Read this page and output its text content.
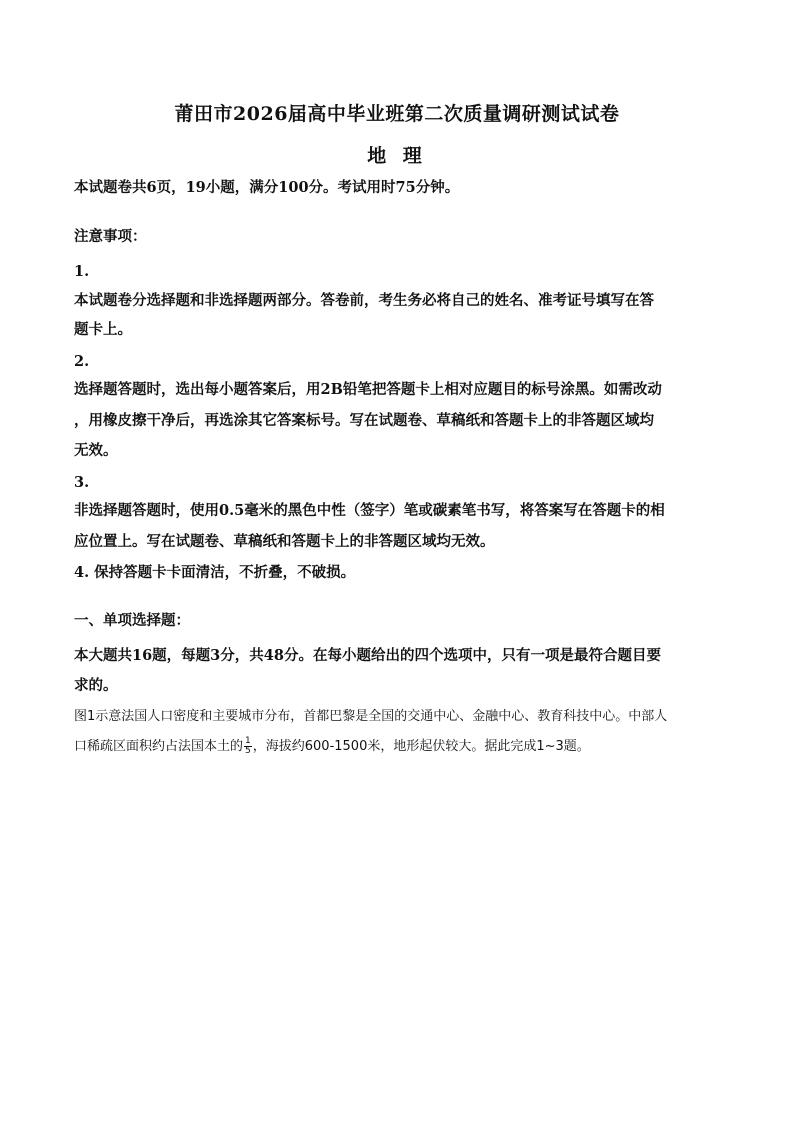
莆田市2026届高中毕业班第二次质量调研测试试卷
地 理
本试题卷共6页，19小题，满分100分。考试用时75分钟。
注意事项：
1.
本试题卷分选择题和非选择题两部分。答卷前，考生务必将自己的姓名、准考证号填写在答
题卡上。
2.
选择题答题时，选出每小题答案后，用2B铅笔把答题卡上相对应题目的标号涂黑。如需改动
，用橡皮擦干净后，再选涂其它答案标号。写在试题卷、草稿纸和答题卡上的非答题区域均
无效。
3.
非选择题答题时，使用0.5毫米的黑色中性（签字）笔或碳素笔书写，将答案写在答题卡的相
应位置上。写在试题卷、草稿纸和答题卡上的非答题区域均无效。
4. 保持答题卡卡面清洁，不折叠，不破损。
一、单项选择题：
本大题共16题，每题3分，共48分。在每小题给出的四个选项中，只有一项是最符合题目要
求的。
图1示意法国人口密度和主要城市分布，首都巴黎是全国的交通中心、金融中心、教育科技中心。中部人
口稀疏区面积约占法国本土的 $\frac{1}{5}$ ，海拔约600-1500米，地形起伏较大。据此完成1~3题。
